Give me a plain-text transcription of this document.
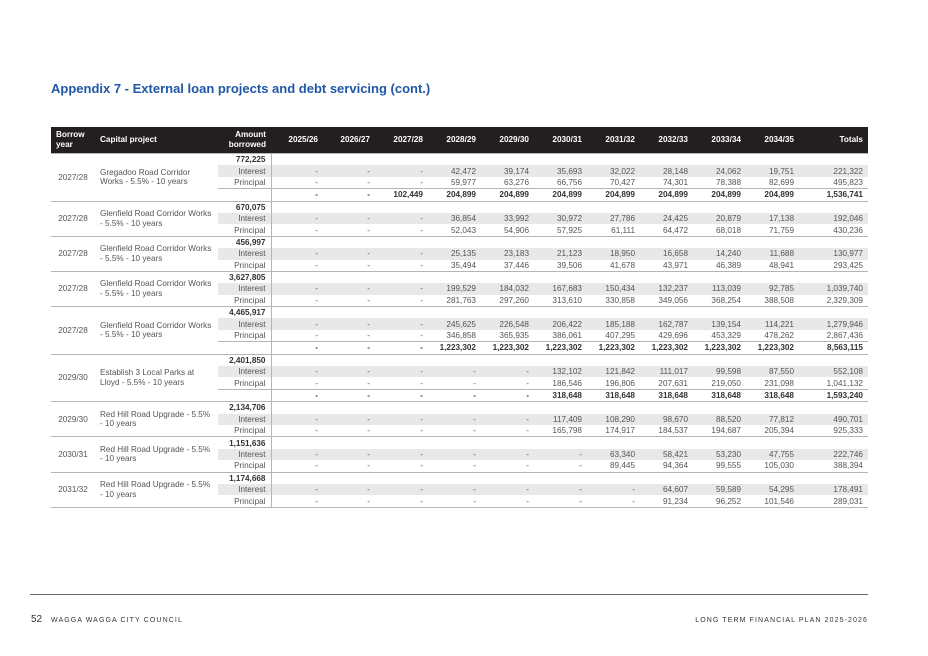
Appendix 7 - External loan projects and debt servicing (cont.)
Borrow year	Capital project	Amount borrowed	2025/26	2026/27	2027/28	2028/29	2029/30	2030/31	2031/32	2032/33	2033/34	2034/35	Totals
2027/28	Gregadoo Road Corridor Works - 5.5% - 10 years	772,225											
		Interest	-	-	-	42,472	39,174	35,693	32,022	28,148	24,062	19,751	221,322
		Principal	-	-	-	59,977	63,276	66,756	70,427	74,301	78,388	82,699	495,823
			-	-	102,449	204,899	204,899	204,899	204,899	204,899	204,899	204,899	1,536,741
2027/28	Glenfield Road Corridor Works - 5.5% - 10 years	670,075											
		Interest	-	-	-	36,854	33,992	30,972	27,786	24,425	20,879	17,138	192,046
		Principal	-	-	-	52,043	54,906	57,925	61,111	64,472	68,018	71,759	430,236
2027/28	Glenfield Road Corridor Works - 5.5% - 10 years	456,997											
		Interest	-	-	-	25,135	23,183	21,123	18,950	16,658	14,240	11,688	130,977
		Principal	-	-	-	35,494	37,446	39,506	41,678	43,971	46,389	48,941	293,425
2027/28	Glenfield Road Corridor Works - 5.5% - 10 years	3,627,805											
		Interest	-	-	-	199,529	184,032	167,683	150,434	132,237	113,039	92,785	1,039,740
		Principal	-	-	-	281,763	297,260	313,610	330,858	349,056	368,254	388,508	2,329,309
2027/28	Glenfield Road Corridor Works - 5.5% - 10 years	4,465,917											
		Interest	-	-	-	245,625	226,548	206,422	185,188	162,787	139,154	114,221	1,279,946
		Principal	-	-	-	346,858	365,935	386,061	407,295	429,696	453,329	478,262	2,867,436
			-	-	-	1,223,302	1,223,302	1,223,302	1,223,302	1,223,302	1,223,302	1,223,302	8,563,115
2029/30	Establish 3 Local Parks at Lloyd - 5.5% - 10 years	2,401,850											
		Interest	-	-	-	-	-	132,102	121,842	111,017	99,598	87,550	552,108
		Principal	-	-	-	-	-	186,546	196,806	207,631	219,050	231,098	1,041,132
			-	-	-	-	-	318,648	318,648	318,648	318,648	318,648	1,593,240
2029/30	Red Hill Road Upgrade - 5.5% - 10 years	2,134,706											
		Interest	-	-	-	-	-	117,409	108,290	98,670	88,520	77,812	490,701
		Principal	-	-	-	-	-	165,798	174,917	184,537	194,687	205,394	925,333
2030/31	Red Hill Road Upgrade - 5.5% - 10 years	1,151,636											
		Interest	-	-	-	-	-	-	63,340	58,421	53,230	47,755	222,746
		Principal	-	-	-	-	-	-	89,445	94,364	99,555	105,030	388,394
2031/32	Red Hill Road Upgrade - 5.5% - 10 years	1,174,668											
		Interest	-	-	-	-	-	-	-	64,607	59,589	54,295	178,491
		Principal	-	-	-	-	-	-	-	91,234	96,252	101,546	289,031
52 WAGGA WAGGA CITY COUNCIL	LONG TERM FINANCIAL PLAN 2025-2026
